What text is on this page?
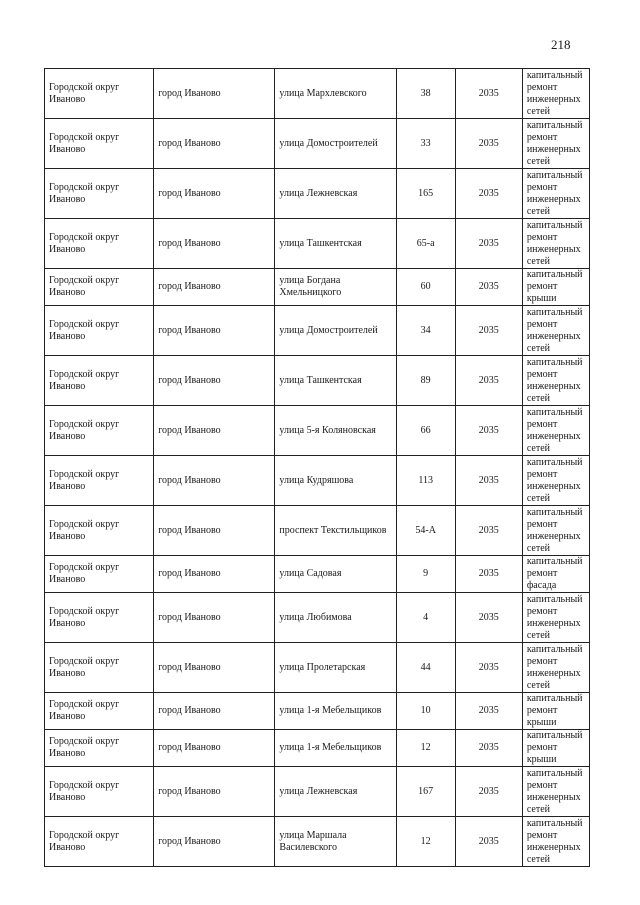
218
Городской округ Иваново	город Иваново	улица Мархлевского	38	2035	капитальный ремонт инженерных сетей

Городской округ Иваново	город Иваново	улица Домостроителей	33	2035	капитальный ремонт инженерных сетей

Городской округ Иваново	город Иваново	улица Лежневская	165	2035	капитальный ремонт инженерных сетей

Городской округ Иваново	город Иваново	улица Ташкентская	65-а	2035	капитальный ремонт инженерных сетей

Городской округ Иваново	город Иваново	улица Богдана Хмельницкого	60	2035	капитальный ремонт крыши

Городской округ Иваново	город Иваново	улица Домостроителей	34	2035	капитальный ремонт инженерных сетей

Городской округ Иваново	город Иваново	улица Ташкентская	89	2035	капитальный ремонт инженерных сетей

Городской округ Иваново	город Иваново	улица 5-я Коляновская	66	2035	капитальный ремонт инженерных сетей

Городской округ Иваново	город Иваново	улица Кудряшова	113	2035	капитальный ремонт инженерных сетей

Городской округ Иваново	город Иваново	проспект Текстильщиков	54-А	2035	капитальный ремонт инженерных сетей

Городской округ Иваново	город Иваново	улица Садовая	9	2035	капитальный ремонт фасада

Городской округ Иваново	город Иваново	улица Любимова	4	2035	капитальный ремонт инженерных сетей

Городской округ Иваново	город Иваново	улица Пролетарская	44	2035	капитальный ремонт инженерных сетей

Городской округ Иваново	город Иваново	улица 1-я Мебельщиков	10	2035	капитальный ремонт крыши

Городской округ Иваново	город Иваново	улица 1-я Мебельщиков	12	2035	капитальный ремонт крыши

Городской округ Иваново	город Иваново	улица Лежневская	167	2035	капитальный ремонт инженерных сетей

Городской округ Иваново	город Иваново	улица Маршала Василевского	12	2035	капитальный ремонт инженерных сетей
